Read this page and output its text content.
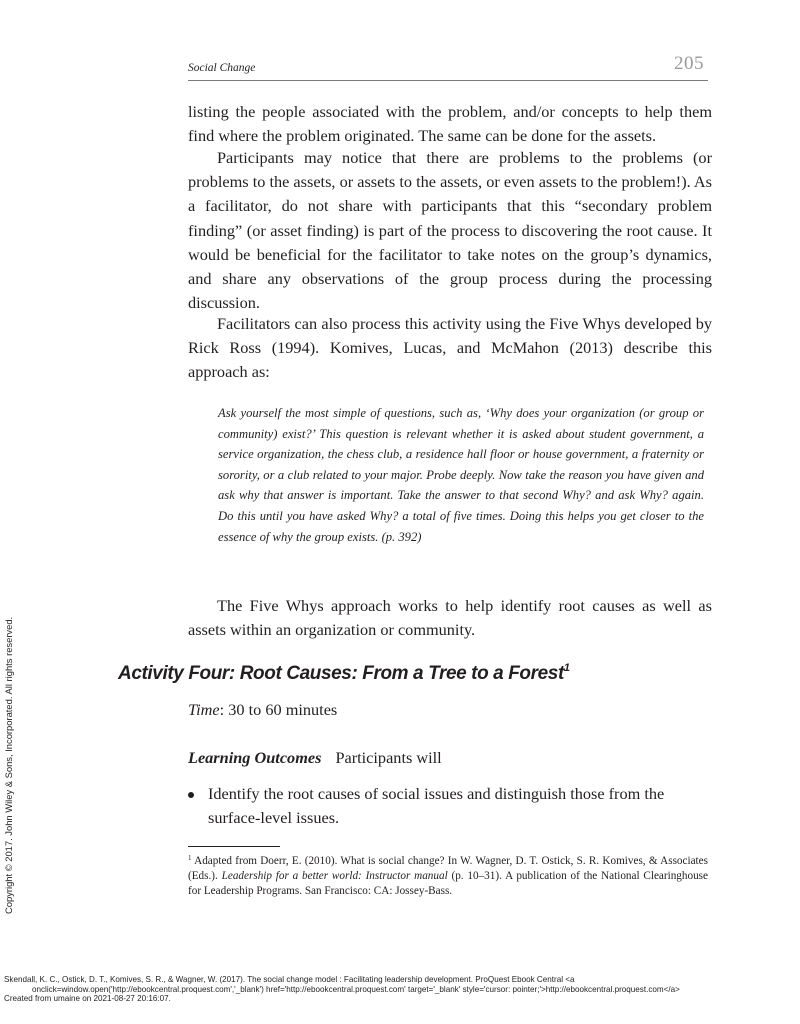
Social Change	205

listing the people associated with the problem, and/or concepts to help them find where the problem originated. The same can be done for the assets.

Participants may notice that there are problems to the problems (or problems to the assets, or assets to the assets, or even assets to the problem!). As a facilitator, do not share with participants that this “secondary problem finding” (or asset finding) is part of the process to discovering the root cause. It would be beneficial for the facilitator to take notes on the group’s dynamics, and share any observations of the group process during the processing discussion.

Facilitators can also process this activity using the Five Whys developed by Rick Ross (1994). Komives, Lucas, and McMahon (2013) describe this approach as:

Ask yourself the most simple of questions, such as, ‘Why does your organization (or group or community) exist?’ This question is relevant whether it is asked about student government, a service organization, the chess club, a residence hall floor or house government, a fraternity or sorority, or a club related to your major. Probe deeply. Now take the reason you have given and ask why that answer is important. Take the answer to that second Why? and ask Why? again. Do this until you have asked Why? a total of five times. Doing this helps you get closer to the essence of why the group exists. (p. 392)

The Five Whys approach works to help identify root causes as well as assets within an organization or community.

Copyright © 2017. John Wiley & Sons, Incorporated. All rights reserved.	Activity Four: Root Causes: From a Tree to a Forest$^1$

Time: 30 to 60 minutes

Learning Outcomes Participants will

Identify the root causes of social issues and distinguish those from the surface-level issues.

$^1$ Adapted from Doerr, E. (2010). What is social change? In W. Wagner, D. T. Ostick, S. R. Komives, & Associates (Eds.). Leadership for a better world: Instructor manual (p. 10–31). A publication of the National Clearinghouse for Leadership Programs. San Francisco: CA: Jossey-Bass.

Skendall, K. C., Ostick, D. T., Komives, S. R., & Wagner, W. (2017). The social change model : Facilitating leadership development. ProQuest Ebook Central <a
onclick=window.open('http://ebookcentral.proquest.com','_blank') href='http://ebookcentral.proquest.com' target='_blank' style='cursor: pointer;'>http://ebookcentral.proquest.com</a>
Created from umaine on 2021-08-27 20:16:07.
